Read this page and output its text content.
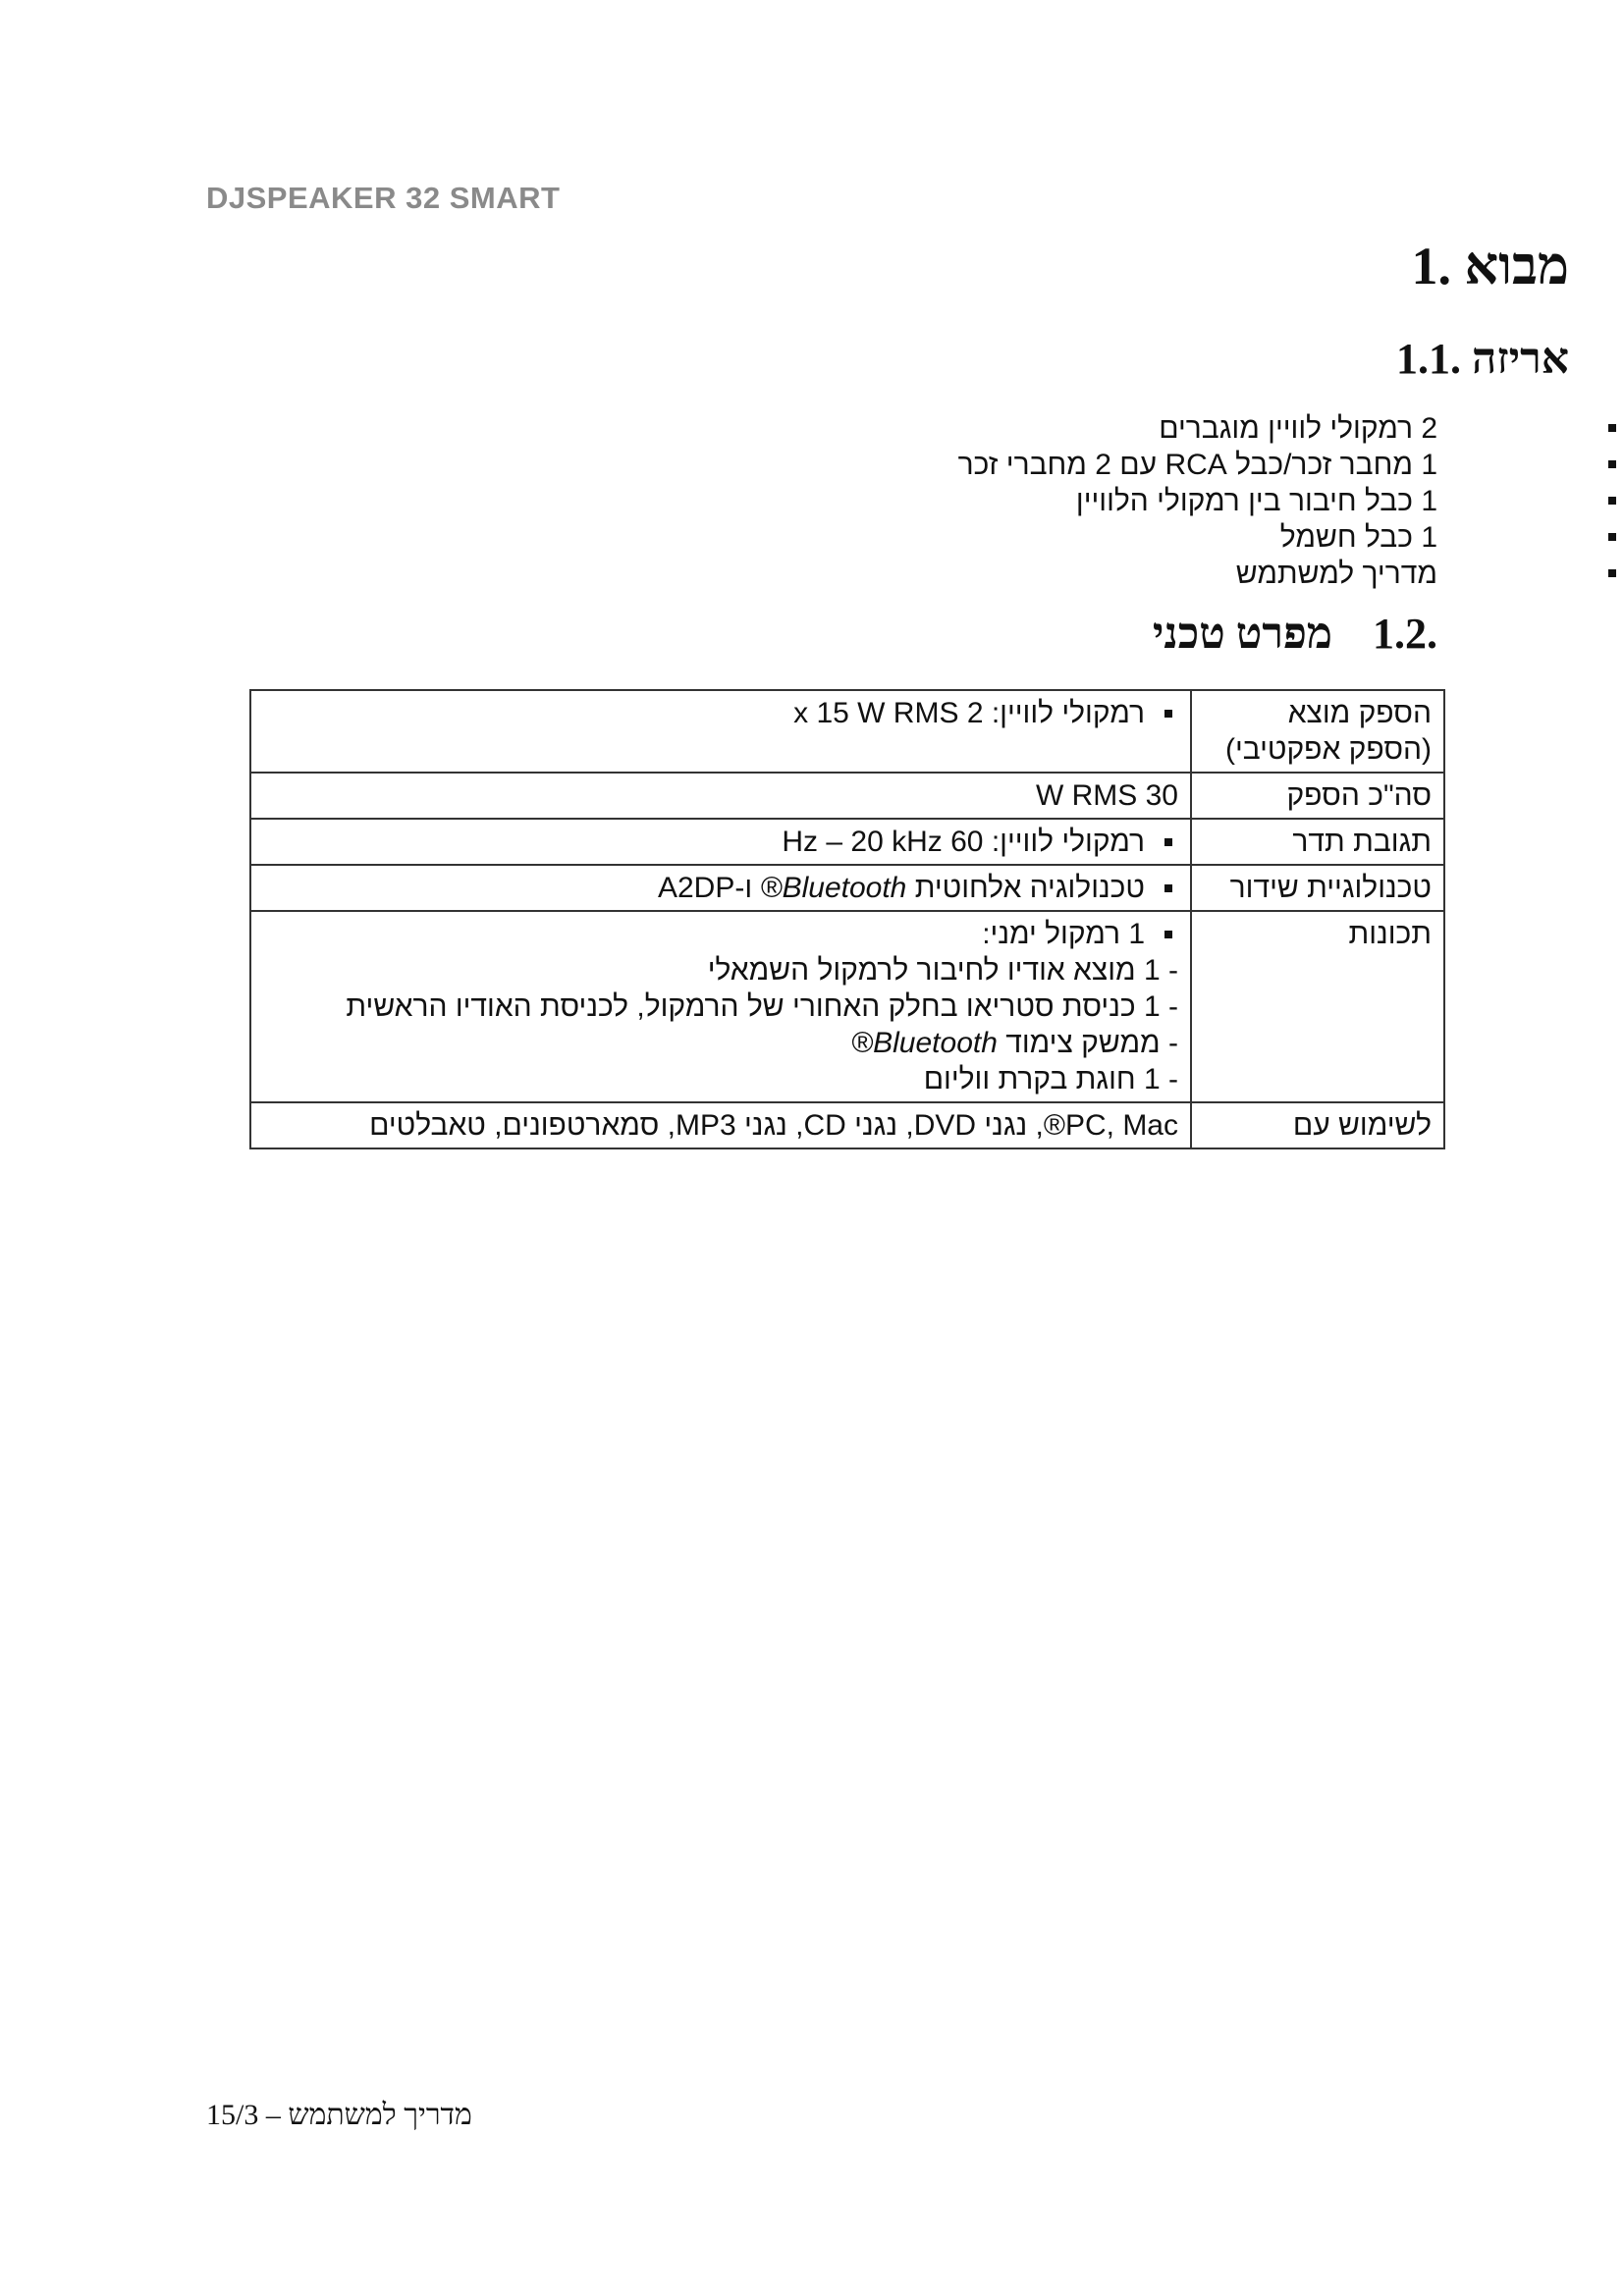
DJSPEAKER 32 SMART
מבוא 1.
אריזה 1.1.
2 רמקולי לוויין מוגברים
1 מחבר זכר/כבל RCA עם 2 מחברי זכר
1 כבל חיבור בין רמקולי הלוויין
1 כבל חשמל
מדריך למשתמש
1.2. מפרט טכני
הספק מוצא
(הספק אפקטיבי)	רמקולי לוויין: 2 x 15 W RMS

סה"כ הספק	30 W RMS
תגובת תדר	רמקולי לוויין: 60 Hz – 20 kHz

טכנולוגיית שידור	טכנולוגיה אלחוטית Bluetooth® ו-A2DP

תכונות	1 רמקול ימני:
- 1 מוצא אודיו לחיבור לרמקול השמאלי
- 1 כניסת סטריאו בחלק האחורי של הרמקול, לכניסת האודיו הראשית
- ממשק צימוד Bluetooth®
- 1 חוגת בקרת ווליום

לשימוש עם	PC, Mac®, נגני DVD, נגני CD, נגני MP3, סמארטפונים, טאבלטים
15/3 – מדריך למשתמש
